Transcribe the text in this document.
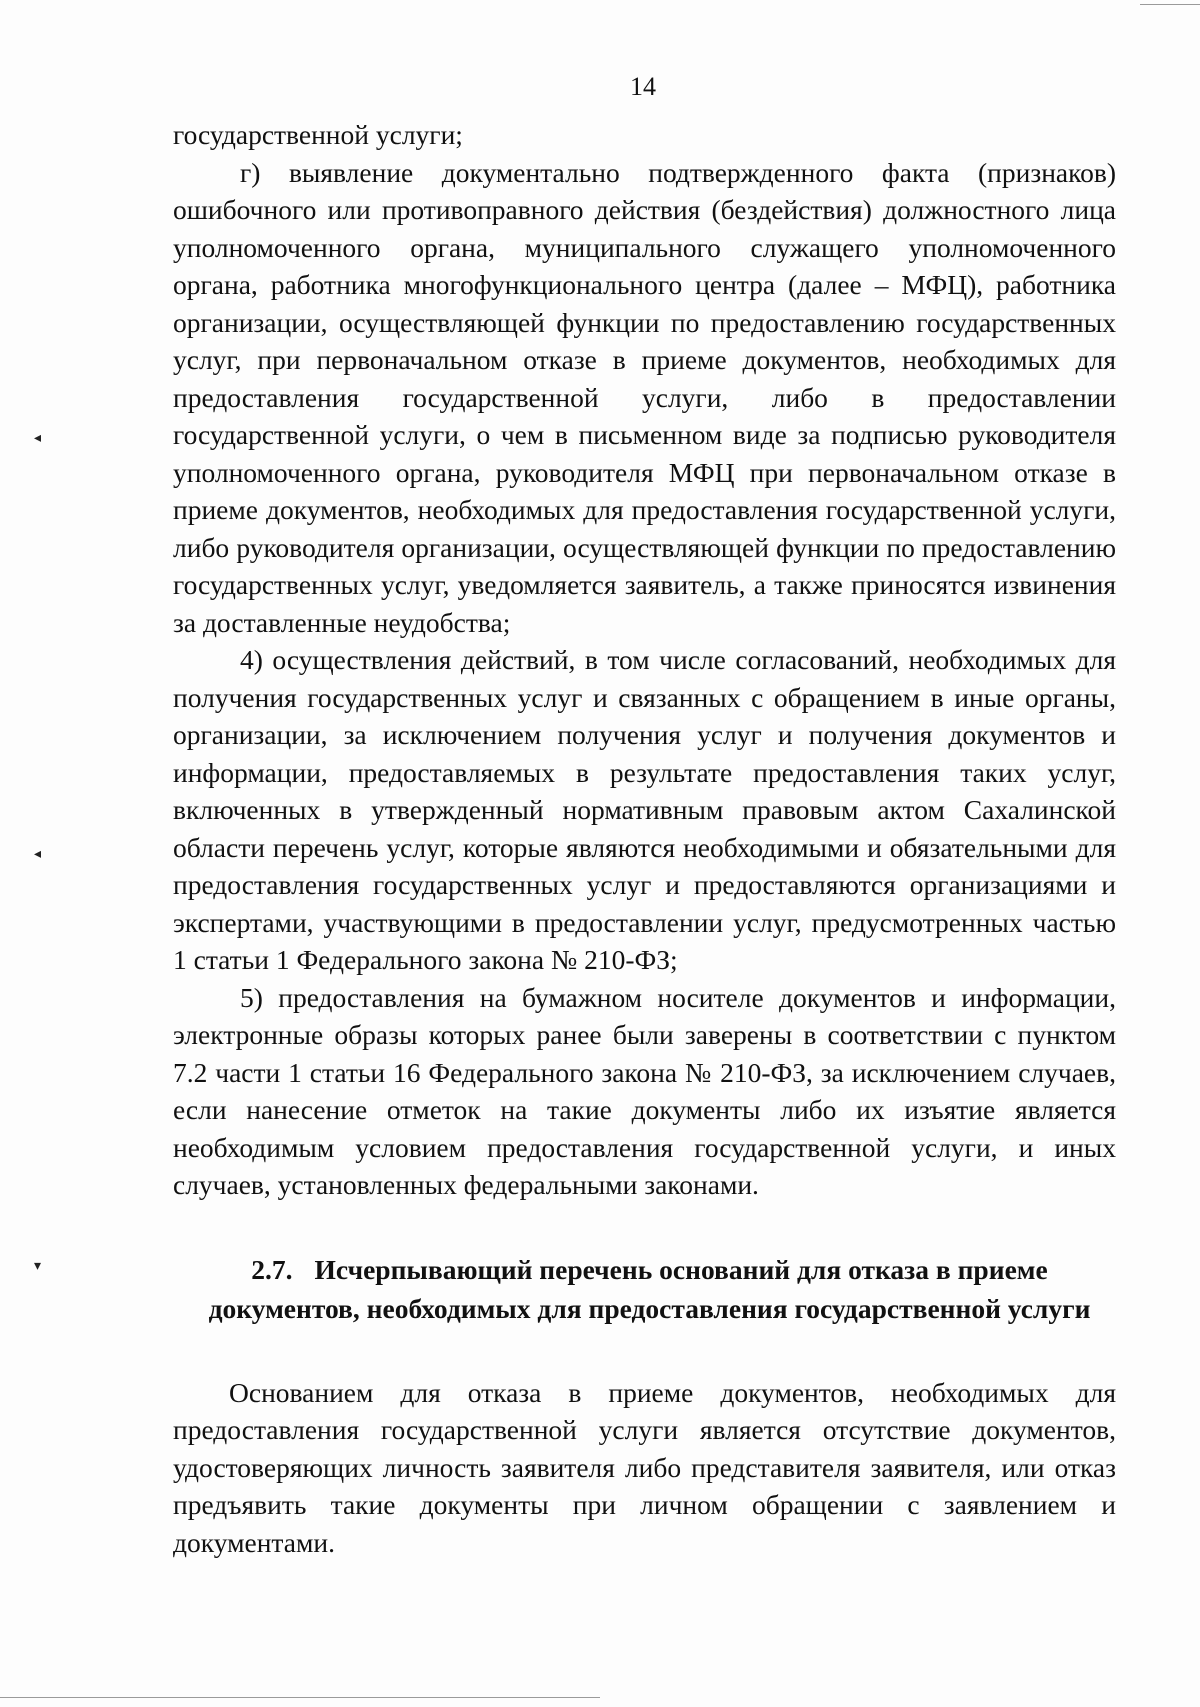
14

государственной услуги;

г) выявление документально подтвержденного факта (признаков) ошибочного или противоправного действия (бездействия) должностного лица уполномоченного органа, муниципального служащего уполномоченного органа, работника многофункционального центра (далее – МФЦ), работника организации, осуществляющей функции по предоставлению государственных услуг, при первоначальном отказе в приеме документов, необходимых для предоставления государственной услуги, либо в предоставлении государственной услуги, о чем в письменном виде за подписью руководителя уполномоченного органа, руководителя МФЦ при первоначальном отказе в приеме документов, необходимых для предоставления государственной услуги, либо руководителя организации, осуществляющей функции по предоставлению государственных услуг, уведомляется заявитель, а также приносятся извинения за доставленные неудобства;

4) осуществления действий, в том числе согласований, необходимых для получения государственных услуг и связанных с обращением в иные органы, организации, за исключением получения услуг и получения документов и информации, предоставляемых в результате предоставления таких услуг, включенных в утвержденный нормативным правовым актом Сахалинской области перечень услуг, которые являются необходимыми и обязательными для предоставления государственных услуг и предоставляются организациями и экспертами, участвующими в предоставлении услуг, предусмотренных частью 1 статьи 1 Федерального закона № 210-ФЗ;

5) предоставления на бумажном носителе документов и информации, электронные образы которых ранее были заверены в соответствии с пунктом 7.2 части 1 статьи 16 Федерального закона № 210-ФЗ, за исключением случаев, если нанесение отметок на такие документы либо их изъятие является необходимым условием предоставления государственной услуги, и иных случаев, установленных федеральными законами.

2.7. Исчерпывающий перечень оснований для отказа в приеме документов, необходимых для предоставления государственной услуги

Основанием для отказа в приеме документов, необходимых для предоставления государственной услуги является отсутствие документов, удостоверяющих личность заявителя либо представителя заявителя, или отказ предъявить такие документы при личном обращении с заявлением и документами.

◂
◂
▾
